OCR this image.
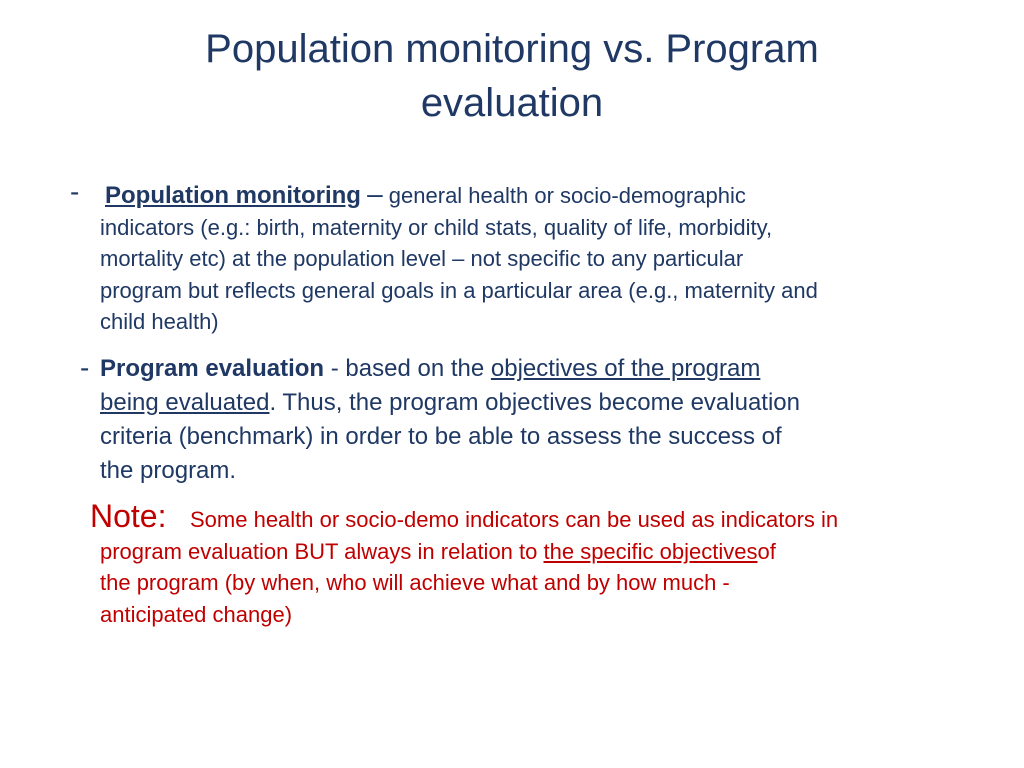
Population monitoring vs. Program
evaluation
- Population monitoring – general health or socio-demographic
indicators (e.g.: birth, maternity or child stats, quality of life, morbidity,
mortality etc) at the population level – not specific to any particular
program but reflects general goals in a particular area (e.g., maternity and
child health)
- Program evaluation - based on the objectives of the program
being evaluated. Thus, the program objectives become evaluation
criteria (benchmark) in order to be able to assess the success of
the program.
Note:	Some health or socio-demo indicators can be used as indicators in
program evaluation BUT always in relation to the specific objectivesof
the program (by when, who will achieve what and by how much -
anticipated change)
